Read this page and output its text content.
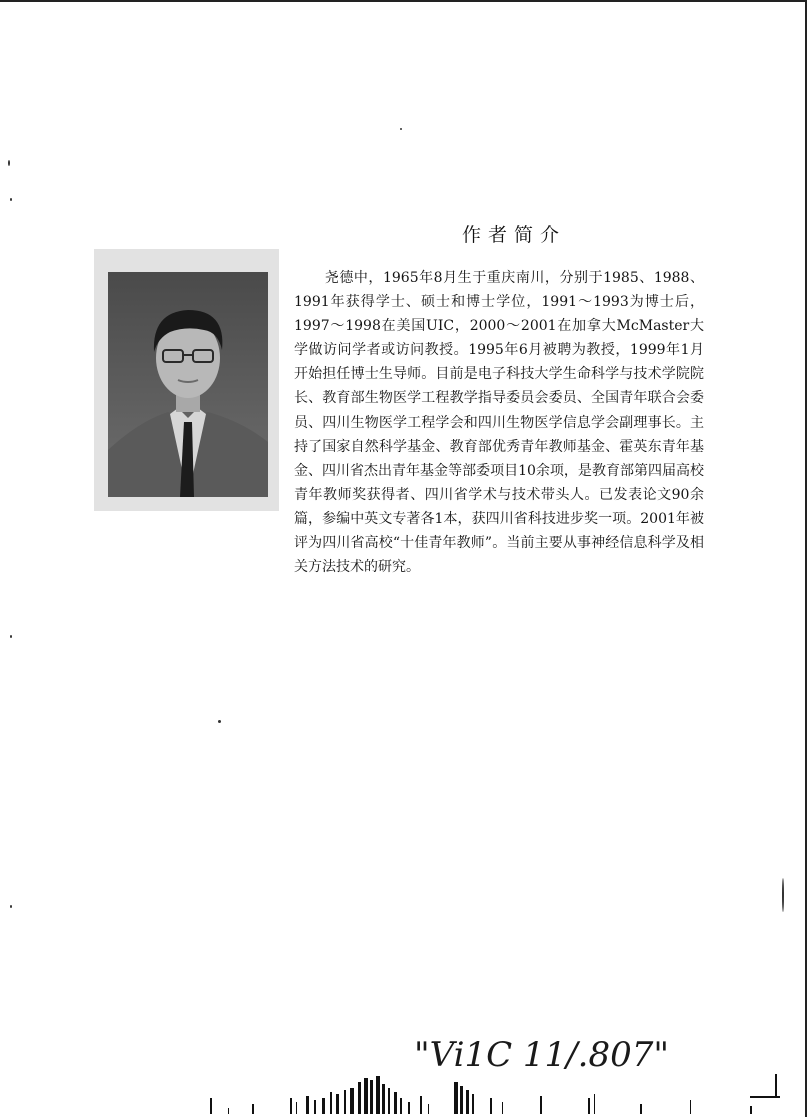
作者简介

尧德中，1965年8月生于重庆南川，分别于1985、1988、1991年获得学士、硕士和博士学位，1991～1993为博士后，1997～1998在美国UIC，2000～2001在加拿大McMaster大学做访问学者或访问教授。1995年6月被聘为教授，1999年1月开始担任博士生导师。目前是电子科技大学生命科学与技术学院院长、教育部生物医学工程教学指导委员会委员、全国青年联合会委员、四川生物医学工程学会和四川生物医学信息学会副理事长。主持了国家自然科学基金、教育部优秀青年教师基金、霍英东青年基金、四川省杰出青年基金等部委项目10余项，是教育部第四届高校青年教师奖获得者、四川省学术与技术带头人。已发表论文90余篇，参编中英文专著各1本，获四川省科技进步奖一项。2001年被评为四川省高校“十佳青年教师”。当前主要从事神经信息科学及相关方法技术的研究。

"Vi1C 11/.807"
